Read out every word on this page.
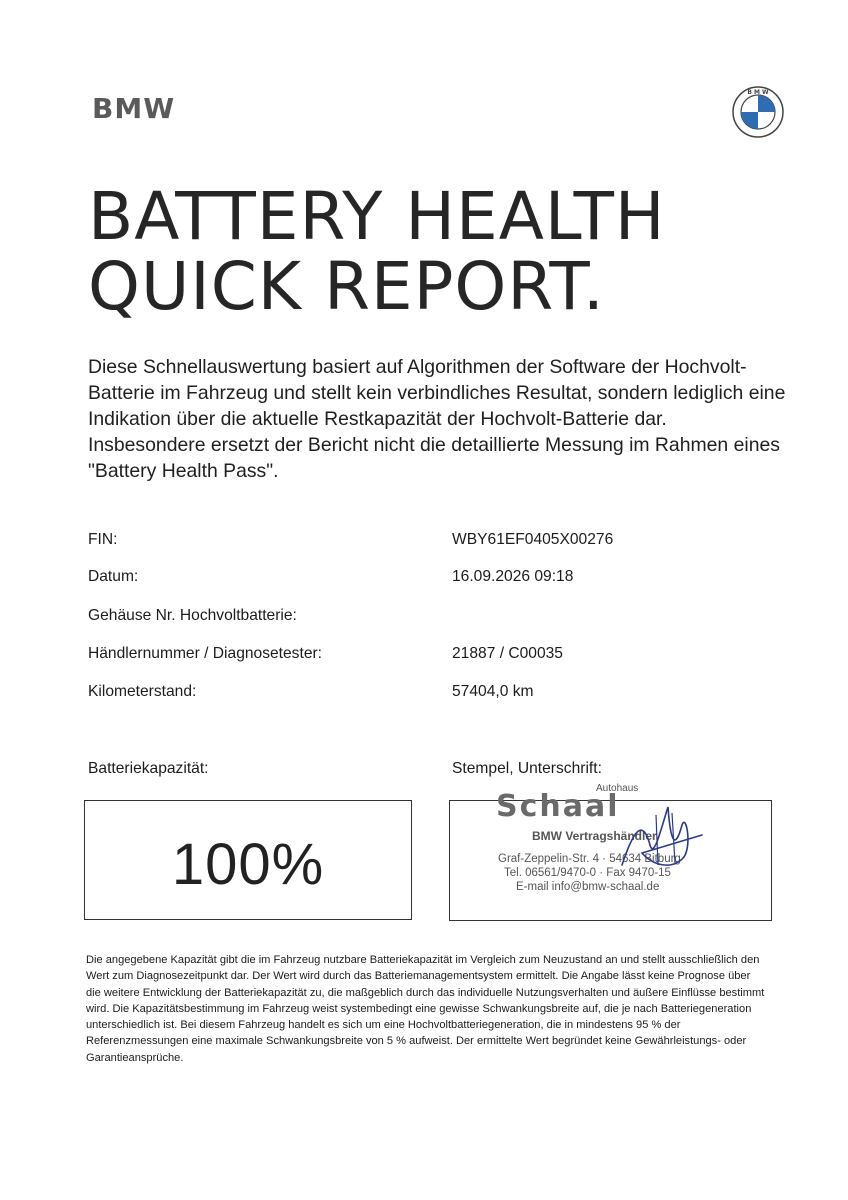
BMW	B M W
BATTERY HEALTH
QUICK REPORT.
Diese Schnellauswertung basiert auf Algorithmen der Software der Hochvolt-Batterie im Fahrzeug und stellt kein verbindliches Resultat, sondern lediglich eine Indikation über die aktuelle Restkapazität der Hochvolt-Batterie dar. Insbesondere ersetzt der Bericht nicht die detaillierte Messung im Rahmen eines "Battery Health Pass".
FIN:	WBY61EF0405X00276
Datum:	16.09.2026 09:18
Gehäuse Nr. Hochvoltbatterie:
Händlernummer / Diagnosetester:	21887 / C00035
Kilometerstand:	57404,0 km
Batteriekapazität:	Stempel, Unterschrift:
100%
Autohaus
Schaal
BMW Vertragshändler
Graf-Zeppelin-Str. 4 · 54634 Bitburg
Tel. 06561/9470-0 · Fax 9470-15
E-mail info@bmw-schaal.de
Die angegebene Kapazität gibt die im Fahrzeug nutzbare Batteriekapazität im Vergleich zum Neuzustand an und stellt ausschließlich den Wert zum Diagnosezeitpunkt dar. Der Wert wird durch das Batteriemanagementsystem ermittelt. Die Angabe lässt keine Prognose über die weitere Entwicklung der Batteriekapazität zu, die maßgeblich durch das individuelle Nutzungsverhalten und äußere Einflüsse bestimmt wird. Die Kapazitätsbestimmung im Fahrzeug weist systembedingt eine gewisse Schwankungsbreite auf, die je nach Batteriegeneration unterschiedlich ist. Bei diesem Fahrzeug handelt es sich um eine Hochvoltbatteriegeneration, die in mindestens 95 % der Referenzmessungen eine maximale Schwankungsbreite von 5 % aufweist. Der ermittelte Wert begründet keine Gewährleistungs- oder Garantieansprüche.
